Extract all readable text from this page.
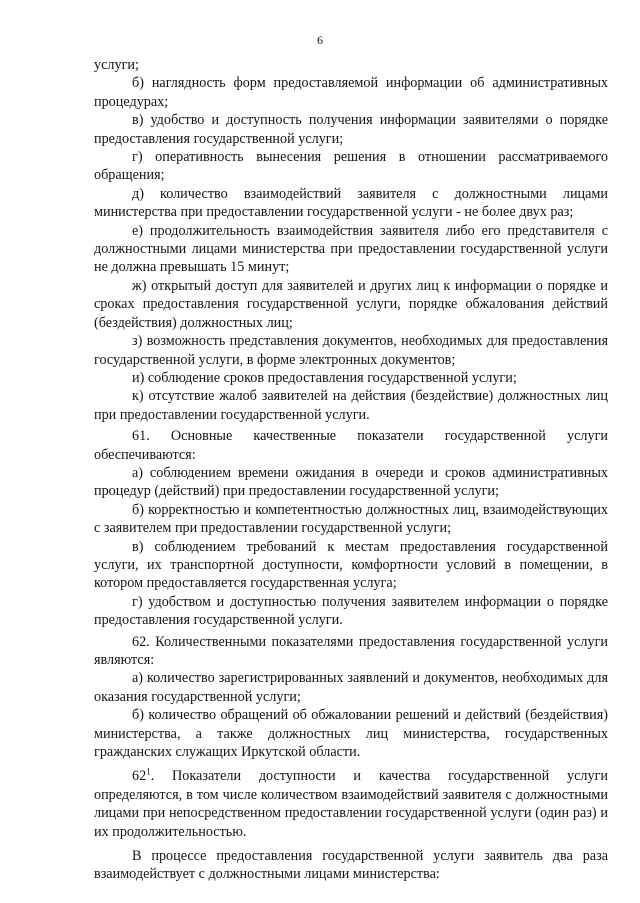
6

услуги;

б) наглядность форм предоставляемой информации об административных процедурах;

в) удобство и доступность получения информации заявителями о порядке предоставления государственной услуги;

г) оперативность вынесения решения в отношении рассматриваемого обращения;

д) количество взаимодействий заявителя с должностными лицами министерства при предоставлении государственной услуги - не более двух раз;

е) продолжительность взаимодействия заявителя либо его представителя с должностными лицами министерства при предоставлении государственной услуги не должна превышать 15 минут;

ж) открытый доступ для заявителей и других лиц к информации о порядке и сроках предоставления государственной услуги, порядке обжалования действий (бездействия) должностных лиц;

з) возможность представления документов, необходимых для предоставления государственной услуги, в форме электронных документов;

и) соблюдение сроков предоставления государственной услуги;

к) отсутствие жалоб заявителей на действия (бездействие) должностных лиц при предоставлении государственной услуги.

61. Основные качественные показатели государственной услуги обеспечиваются:

а) соблюдением времени ожидания в очереди и сроков административных процедур (действий) при предоставлении государственной услуги;

б) корректностью и компетентностью должностных лиц, взаимодействующих с заявителем при предоставлении государственной услуги;

в) соблюдением требований к местам предоставления государственной услуги, их транспортной доступности, комфортности условий в помещении, в котором предоставляется государственная услуга;

г) удобством и доступностью получения заявителем информации о порядке предоставления государственной услуги.

62. Количественными показателями предоставления государственной услуги являются:

а) количество зарегистрированных заявлений и документов, необходимых для оказания государственной услуги;

б) количество обращений об обжаловании решений и действий (бездействия) министерства, а также должностных лиц министерства, государственных гражданских служащих Иркутской области.

$62^1$. Показатели доступности и качества государственной услуги определяются, в том числе количеством взаимодействий заявителя с должностными лицами при непосредственном предоставлении государственной услуги (один раз) и их продолжительностью.

В процессе предоставления государственной услуги заявитель два раза взаимодействует с должностными лицами министерства:
